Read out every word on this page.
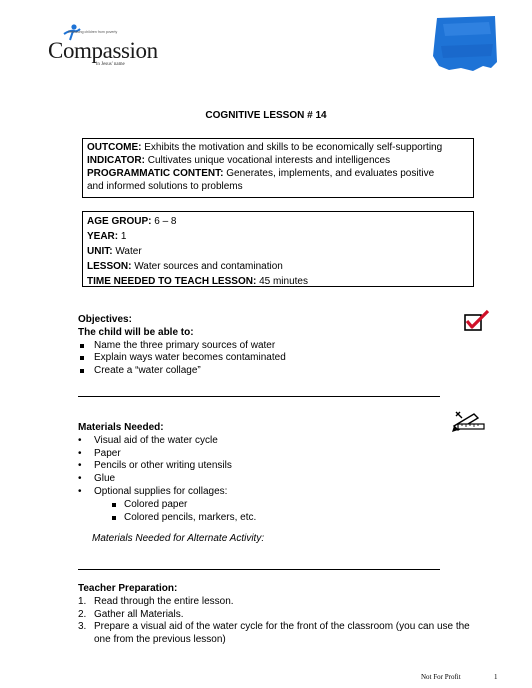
Releasing children from poverty
Compassion
in Jesus' name
COGNITIVE LESSON # 14
OUTCOME: Exhibits the motivation and skills to be economically self-supporting
INDICATOR: Cultivates unique vocational interests and intelligences
PROGRAMMATIC CONTENT: Generates, implements, and evaluates positive
and informed solutions to problems
AGE GROUP: 6 – 8
YEAR: 1
UNIT: Water
LESSON: Water sources and contamination
TIME NEEDED TO TEACH LESSON: 45 minutes
Objectives:
The child will be able to:
Name the three primary sources of water
Explain ways water becomes contaminated
Create a “water collage”
Materials Needed:
• Visual aid of the water cycle
• Paper
• Pencils or other writing utensils
• Glue
• Optional supplies for collages:
Colored paper
Colored pencils, markers, etc.
Materials Needed for Alternate Activity:
Teacher Preparation:
1. Read through the entire lesson.
2. Gather all Materials.
3. Prepare a visual aid of the water cycle for the front of the classroom (you can use the one from the previous lesson)
Not For Profit	1
